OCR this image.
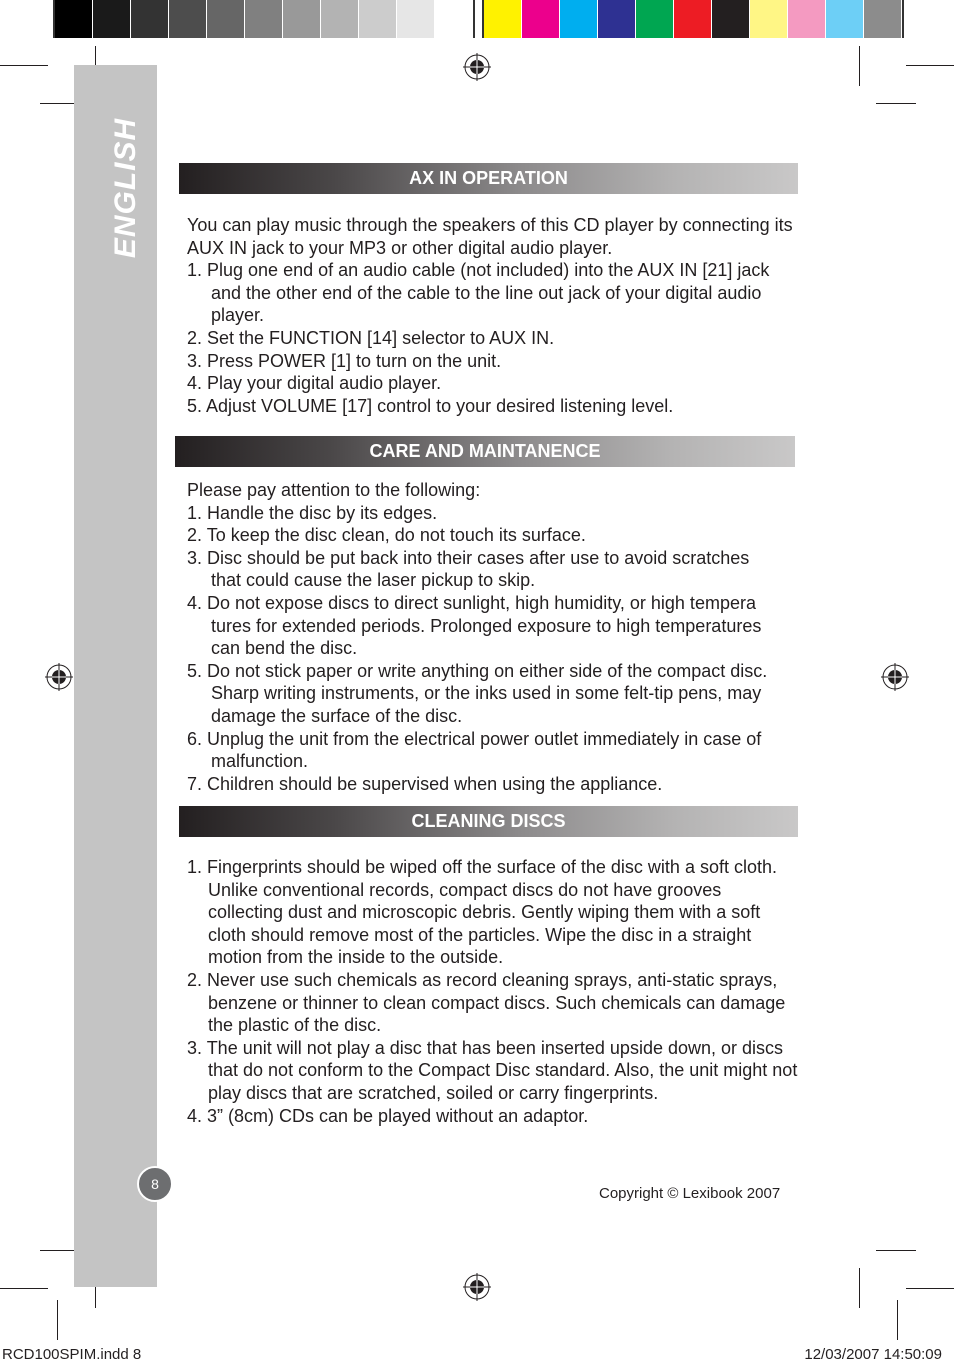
ENGLISH	AX IN OPERATION

You can play music through the speakers of this CD player by connecting its AUX IN jack to your MP3 or other digital audio player.

1. Plug one end of an audio cable (not included) into the AUX IN [21] jack and the other end of the cable to the line out jack of your digital audio player.

2. Set the FUNCTION [14] selector to AUX IN.

3. Press POWER [1] to turn on the unit.

4. Play your digital audio player.

5. Adjust VOLUME [17] control to your desired listening level.

CARE AND MAINTANENCE

Please pay attention to the following:

1. Handle the disc by its edges.

2. To keep the disc clean, do not touch its surface.

3. Disc should be put back into their cases after use to avoid scratches that could cause the laser pickup to skip.

4. Do not expose discs to direct sunlight, high humidity, or high tempera tures for extended periods. Prolonged exposure to high temperatures can bend the disc.

5. Do not stick paper or write anything on either side of the compact disc. Sharp writing instruments, or the inks used in some felt-tip pens, may damage the surface of the disc.

6. Unplug the unit from the electrical power outlet immediately in case of malfunction.

7. Children should be supervised when using the appliance.

CLEANING DISCS

1. Fingerprints should be wiped off the surface of the disc with a soft cloth. Unlike conventional records, compact discs do not have grooves collecting dust and microscopic debris. Gently wiping them with a soft cloth should remove most of the particles. Wipe the disc in a straight motion from the inside to the outside.

2. Never use such chemicals as record cleaning sprays, anti-static sprays, benzene or thinner to clean compact discs. Such chemicals can damage the plastic of the disc.

3. The unit will not play a disc that has been inserted upside down, or discs that do not conform to the Compact Disc standard. Also, the unit might not play discs that are scratched, soiled or carry fingerprints.

4. 3” (8cm) CDs can be played without an adaptor.

8
Copyright © Lexibook 2007
RCD100SPIM.indd 8	12/03/2007 14:50:09
